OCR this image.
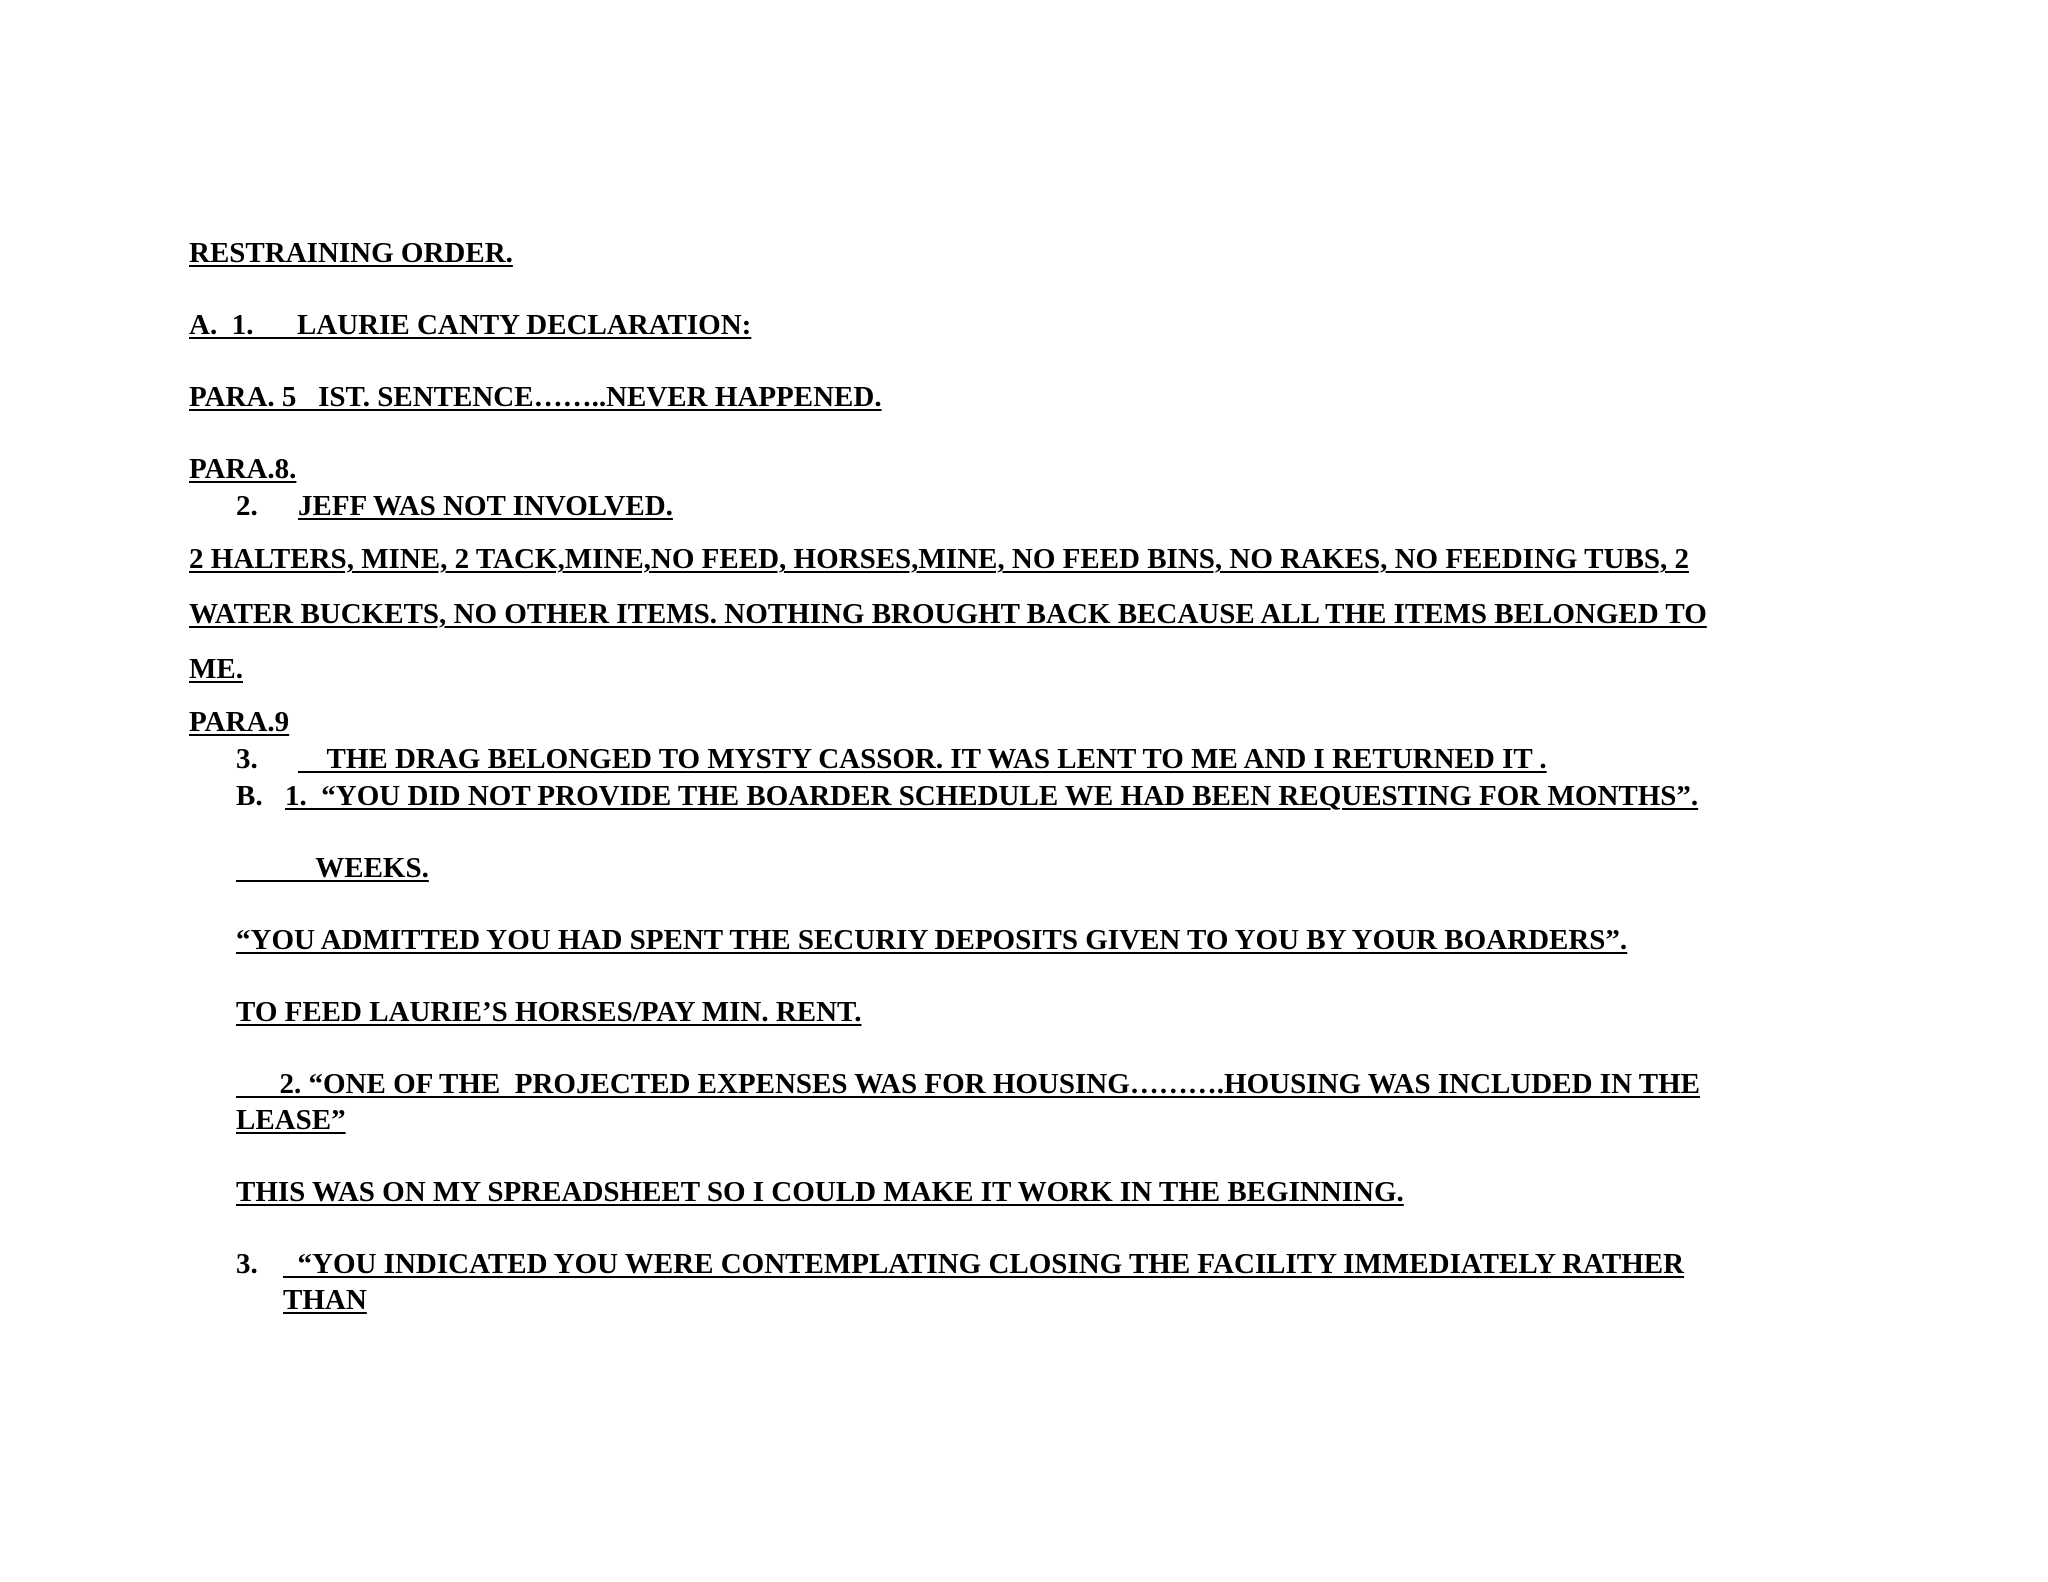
RESTRAINING ORDER.

A.  1.      LAURIE CANTY DECLARATION:

PARA. 5   IST. SENTENCE……..NEVER HAPPENED.

PARA.8.

2. JEFF WAS NOT INVOLVED.

2 HALTERS, MINE, 2 TACK,MINE,NO FEED, HORSES,MINE, NO FEED BINS, NO RAKES, NO FEEDING TUBS, 2

WATER BUCKETS, NO OTHER ITEMS. NOTHING BROUGHT BACK BECAUSE ALL THE ITEMS BELONGED TO

ME.

PARA.9

3. THE DRAG BELONGED TO MYSTY CASSOR. IT WAS LENT TO ME AND I RETURNED IT .
B. 1.  “YOU DID NOT PROVIDE THE BOARDER SCHEDULE WE HAD BEEN REQUESTING FOR MONTHS”.

WEEKS.

“YOU ADMITTED YOU HAD SPENT THE SECURIY DEPOSITS GIVEN TO YOU BY YOUR BOARDERS”.

TO FEED LAURIE’S HORSES/PAY MIN. RENT.

2. “ONE OF THE  PROJECTED EXPENSES WAS FOR HOUSING……….HOUSING WAS INCLUDED IN THE

LEASE”

THIS WAS ON MY SPREADSHEET SO I COULD MAKE IT WORK IN THE BEGINNING.

3. “YOU INDICATED YOU WERE CONTEMPLATING CLOSING THE FACILITY IMMEDIATELY RATHER

THAN
